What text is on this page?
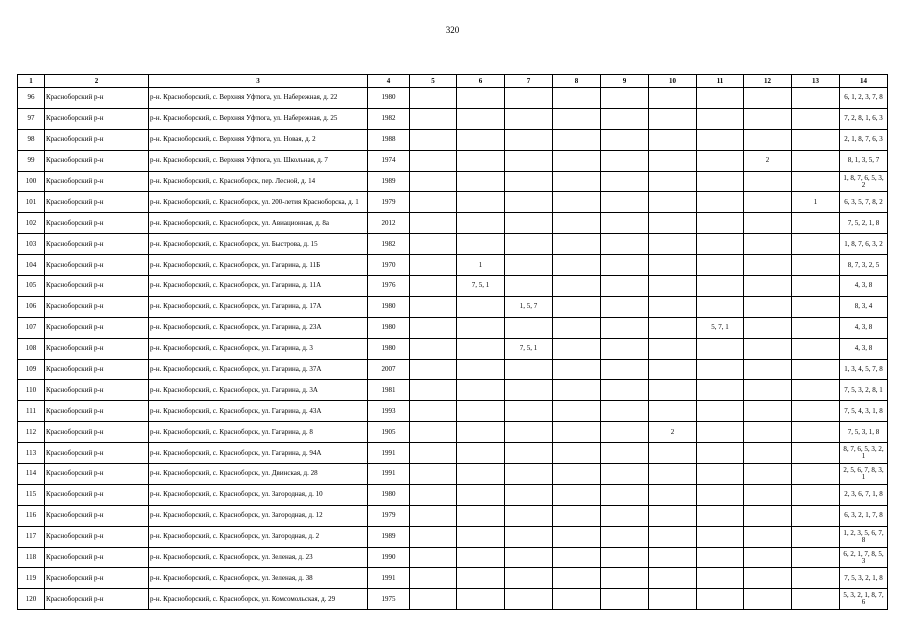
320
1	2	3	4	5	6	7	8	9	10	11	12	13	14
96	Красноборский р-н	р-н. Красноборский, с. Верхняя Уфтюга, ул. Набережная, д. 22	1980										6, 1, 2, 3, 7, 8
97	Красноборский р-н	р-н. Красноборский, с. Верхняя Уфтюга, ул. Набережная, д. 25	1982										7, 2, 8, 1, 6, 3
98	Красноборский р-н	р-н. Красноборский, с. Верхняя Уфтюга, ул. Новая, д. 2	1988										2, 1, 8, 7, 6, 3
99	Красноборский р-н	р-н. Красноборский, с. Верхняя Уфтюга, ул. Школьная, д. 7	1974								2		8, 1, 3, 5, 7
100	Красноборский р-н	р-н. Красноборский, с. Красноборск, пер. Лесной, д. 14	1989										1, 8, 7, 6, 5, 3, 2
101	Красноборский р-н	р-н. Красноборский, с. Красноборск, ул. 200-летия Красноборска, д. 1	1979									1	6, 3, 5, 7, 8, 2
102	Красноборский р-н	р-н. Красноборский, с. Красноборск, ул. Авиационная, д. 8а	2012										7, 5, 2, 1, 8
103	Красноборский р-н	р-н. Красноборский, с. Красноборск, ул. Быстрова, д. 15	1982										1, 8, 7, 6, 3, 2
104	Красноборский р-н	р-н. Красноборский, с. Красноборск, ул. Гагарина, д. 11Б	1970		1								8, 7, 3, 2, 5
105	Красноборский р-н	р-н. Красноборский, с. Красноборск, ул. Гагарина, д. 11А	1976		7, 5, 1								4, 3, 8
106	Красноборский р-н	р-н. Красноборский, с. Красноборск, ул. Гагарина, д. 17А	1980			1, 5, 7							8, 3, 4
107	Красноборский р-н	р-н. Красноборский, с. Красноборск, ул. Гагарина, д. 23А	1980							5, 7, 1			4, 3, 8
108	Красноборский р-н	р-н. Красноборский, с. Красноборск, ул. Гагарина, д. 3	1980			7, 5, 1							4, 3, 8
109	Красноборский р-н	р-н. Красноборский, с. Красноборск, ул. Гагарина, д. 37А	2007										1, 3, 4, 5, 7, 8
110	Красноборский р-н	р-н. Красноборский, с. Красноборск, ул. Гагарина, д. 3А	1981										7, 5, 3, 2, 8, 1
111	Красноборский р-н	р-н. Красноборский, с. Красноборск, ул. Гагарина, д. 43А	1993										7, 5, 4, 3, 1, 8
112	Красноборский р-н	р-н. Красноборский, с. Красноборск, ул. Гагарина, д. 8	1905						2				7, 5, 3, 1, 8
113	Красноборский р-н	р-н. Красноборский, с. Красноборск, ул. Гагарина, д. 94А	1991										8, 7, 6, 5, 3, 2, 1
114	Красноборский р-н	р-н. Красноборский, с. Красноборск, ул. Двинская, д. 28	1991										2, 5, 6, 7, 8, 3, 1
115	Красноборский р-н	р-н. Красноборский, с. Красноборск, ул. Загородная, д. 10	1980										2, 3, 6, 7, 1, 8
116	Красноборский р-н	р-н. Красноборский, с. Красноборск, ул. Загородная, д. 12	1979										6, 3, 2, 1, 7, 8
117	Красноборский р-н	р-н. Красноборский, с. Красноборск, ул. Загородная, д. 2	1989										1, 2, 3, 5, 6, 7, 8
118	Красноборский р-н	р-н. Красноборский, с. Красноборск, ул. Зеленая, д. 23	1990										6, 2, 1, 7, 8, 5, 3
119	Красноборский р-н	р-н. Красноборский, с. Красноборск, ул. Зеленая, д. 38	1991										7, 5, 3, 2, 1, 8
120	Красноборский р-н	р-н. Красноборский, с. Красноборск, ул. Комсомольская, д. 29	1975										5, 3, 2, 1, 8, 7, 6
